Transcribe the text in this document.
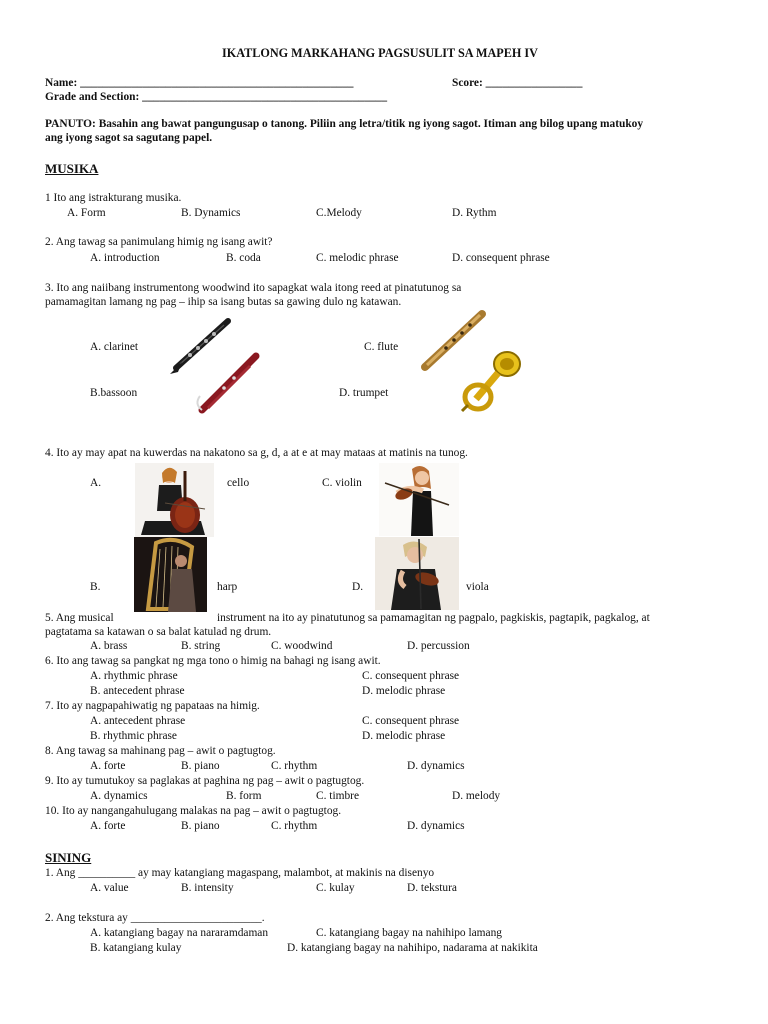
IKATLONG MARKAHANG PAGSUSULIT SA MAPEH IV
Name: ________________________________________________	Score: _________________
Grade and Section: ___________________________________________
PANUTO: Basahin ang bawat pangungusap o tanong. Piliin ang letra/titik ng iyong sagot. Itiman ang bilog upang matukoy
ang iyong sagot sa sagutang papel.
MUSIKA
1 Ito ang istrakturang musika.
A. Form	B. Dynamics	C.Melody	D. Rythm
2. Ang tawag sa panimulang himig ng isang awit?
A. introduction	B. coda	C. melodic phrase	D. consequent phrase
3. Ito ang naiibang instrumentong woodwind ito sapagkat wala itong reed at pinatutunog sa
pamamagitan lamang ng pag – ihip sa isang butas sa gawing dulo ng katawan.
A. clarinet	C. flute
B.bassoon	D. trumpet
4. Ito ay may apat na kuwerdas na nakatono sa g, d, a at e at may mataas at matinis na tunog.
A.	cello	C. violin
B.	harp	D.	viola
5. Ang musical	instrument na ito ay pinatutunog sa pamamagitan ng pagpalo, pagkiskis, pagtapik, pagkalog, at
pagtatama sa katawan o sa balat katulad ng drum.
A. brass	B. string	C. woodwind	D. percussion
6. Ito ang tawag sa pangkat ng mga tono o himig na bahagi ng isang awit.
A. rhythmic phrase	C. consequent phrase
B. antecedent phrase	D. melodic phrase
7. Ito ay nagpapahiwatig ng papataas na himig.
A. antecedent phrase	C. consequent phrase
B. rhythmic phrase	D. melodic phrase
8. Ang tawag sa mahinang pag – awit o pagtugtog.
A. forte	B. piano	C. rhythm	D. dynamics
9. Ito ay tumutukoy sa paglakas at paghina ng pag – awit o pagtugtog.
A. dynamics	B. form	C. timbre	D. melody
10. Ito ay nangangahulugang malakas na pag – awit o pagtugtog.
A. forte	B. piano	C. rhythm	D. dynamics
SINING
1. Ang __________ ay may katangiang magaspang, malambot, at makinis na disenyo
A. value	B. intensity	C. kulay	D. tekstura
2. Ang tekstura ay _______________________.
A. katangiang bagay na nararamdaman	C. katangiang bagay na nahihipo lamang
B. katangiang kulay	D. katangiang bagay na nahihipo, nadarama at nakikita
